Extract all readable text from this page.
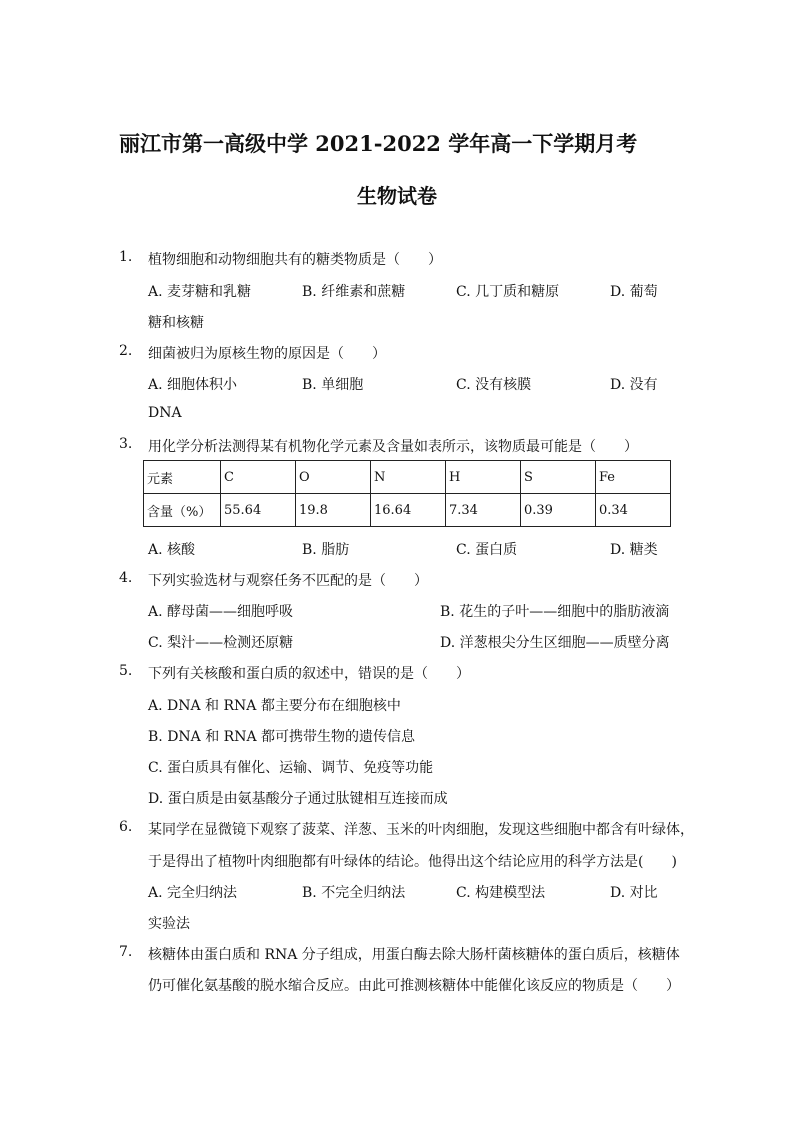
丽江市第一高级中学 2021-2022 学年高一下学期月考
生物试卷
1. 植物细胞和动物细胞共有的糖类物质是（　　）
A. 麦芽糖和乳糖	B. 纤维素和蔗糖	C. 几丁质和糖原	D. 葡萄
糖和核糖
2. 细菌被归为原核生物的原因是（　　）
A. 细胞体积小	B. 单细胞	C. 没有核膜	D. 没有
DNA
3. 用化学分析法测得某有机物化学元素及含量如表所示，该物质最可能是（　　）
元素	C	O	N	H	S	Fe
含量（%）	55.64	19.8	16.64	7.34	0.39	0.34
A. 核酸	B. 脂肪	C. 蛋白质	D. 糖类
4. 下列实验选材与观察任务不匹配的是（　　）
A. 酵母菌——细胞呼吸	B. 花生的子叶——细胞中的脂肪液滴
C. 梨汁——检测还原糖	D. 洋葱根尖分生区细胞——质壁分离
5. 下列有关核酸和蛋白质的叙述中，错误的是（　　）
A. DNA 和 RNA 都主要分布在细胞核中
B. DNA 和 RNA 都可携带生物的遗传信息
C. 蛋白质具有催化、运输、调节、免疫等功能
D. 蛋白质是由氨基酸分子通过肽键相互连接而成
6. 某同学在显微镜下观察了菠菜、洋葱、玉米的叶肉细胞，发现这些细胞中都含有叶绿体，
于是得出了植物叶肉细胞都有叶绿体的结论。他得出这个结论应用的科学方法是(　　)
A. 完全归纳法	B. 不完全归纳法	C. 构建模型法	D. 对比
实验法
7. 核糖体由蛋白质和 RNA 分子组成，用蛋白酶去除大肠杆菌核糖体的蛋白质后，核糖体
仍可催化氨基酸的脱水缩合反应。由此可推测核糖体中能催化该反应的物质是（　　）
